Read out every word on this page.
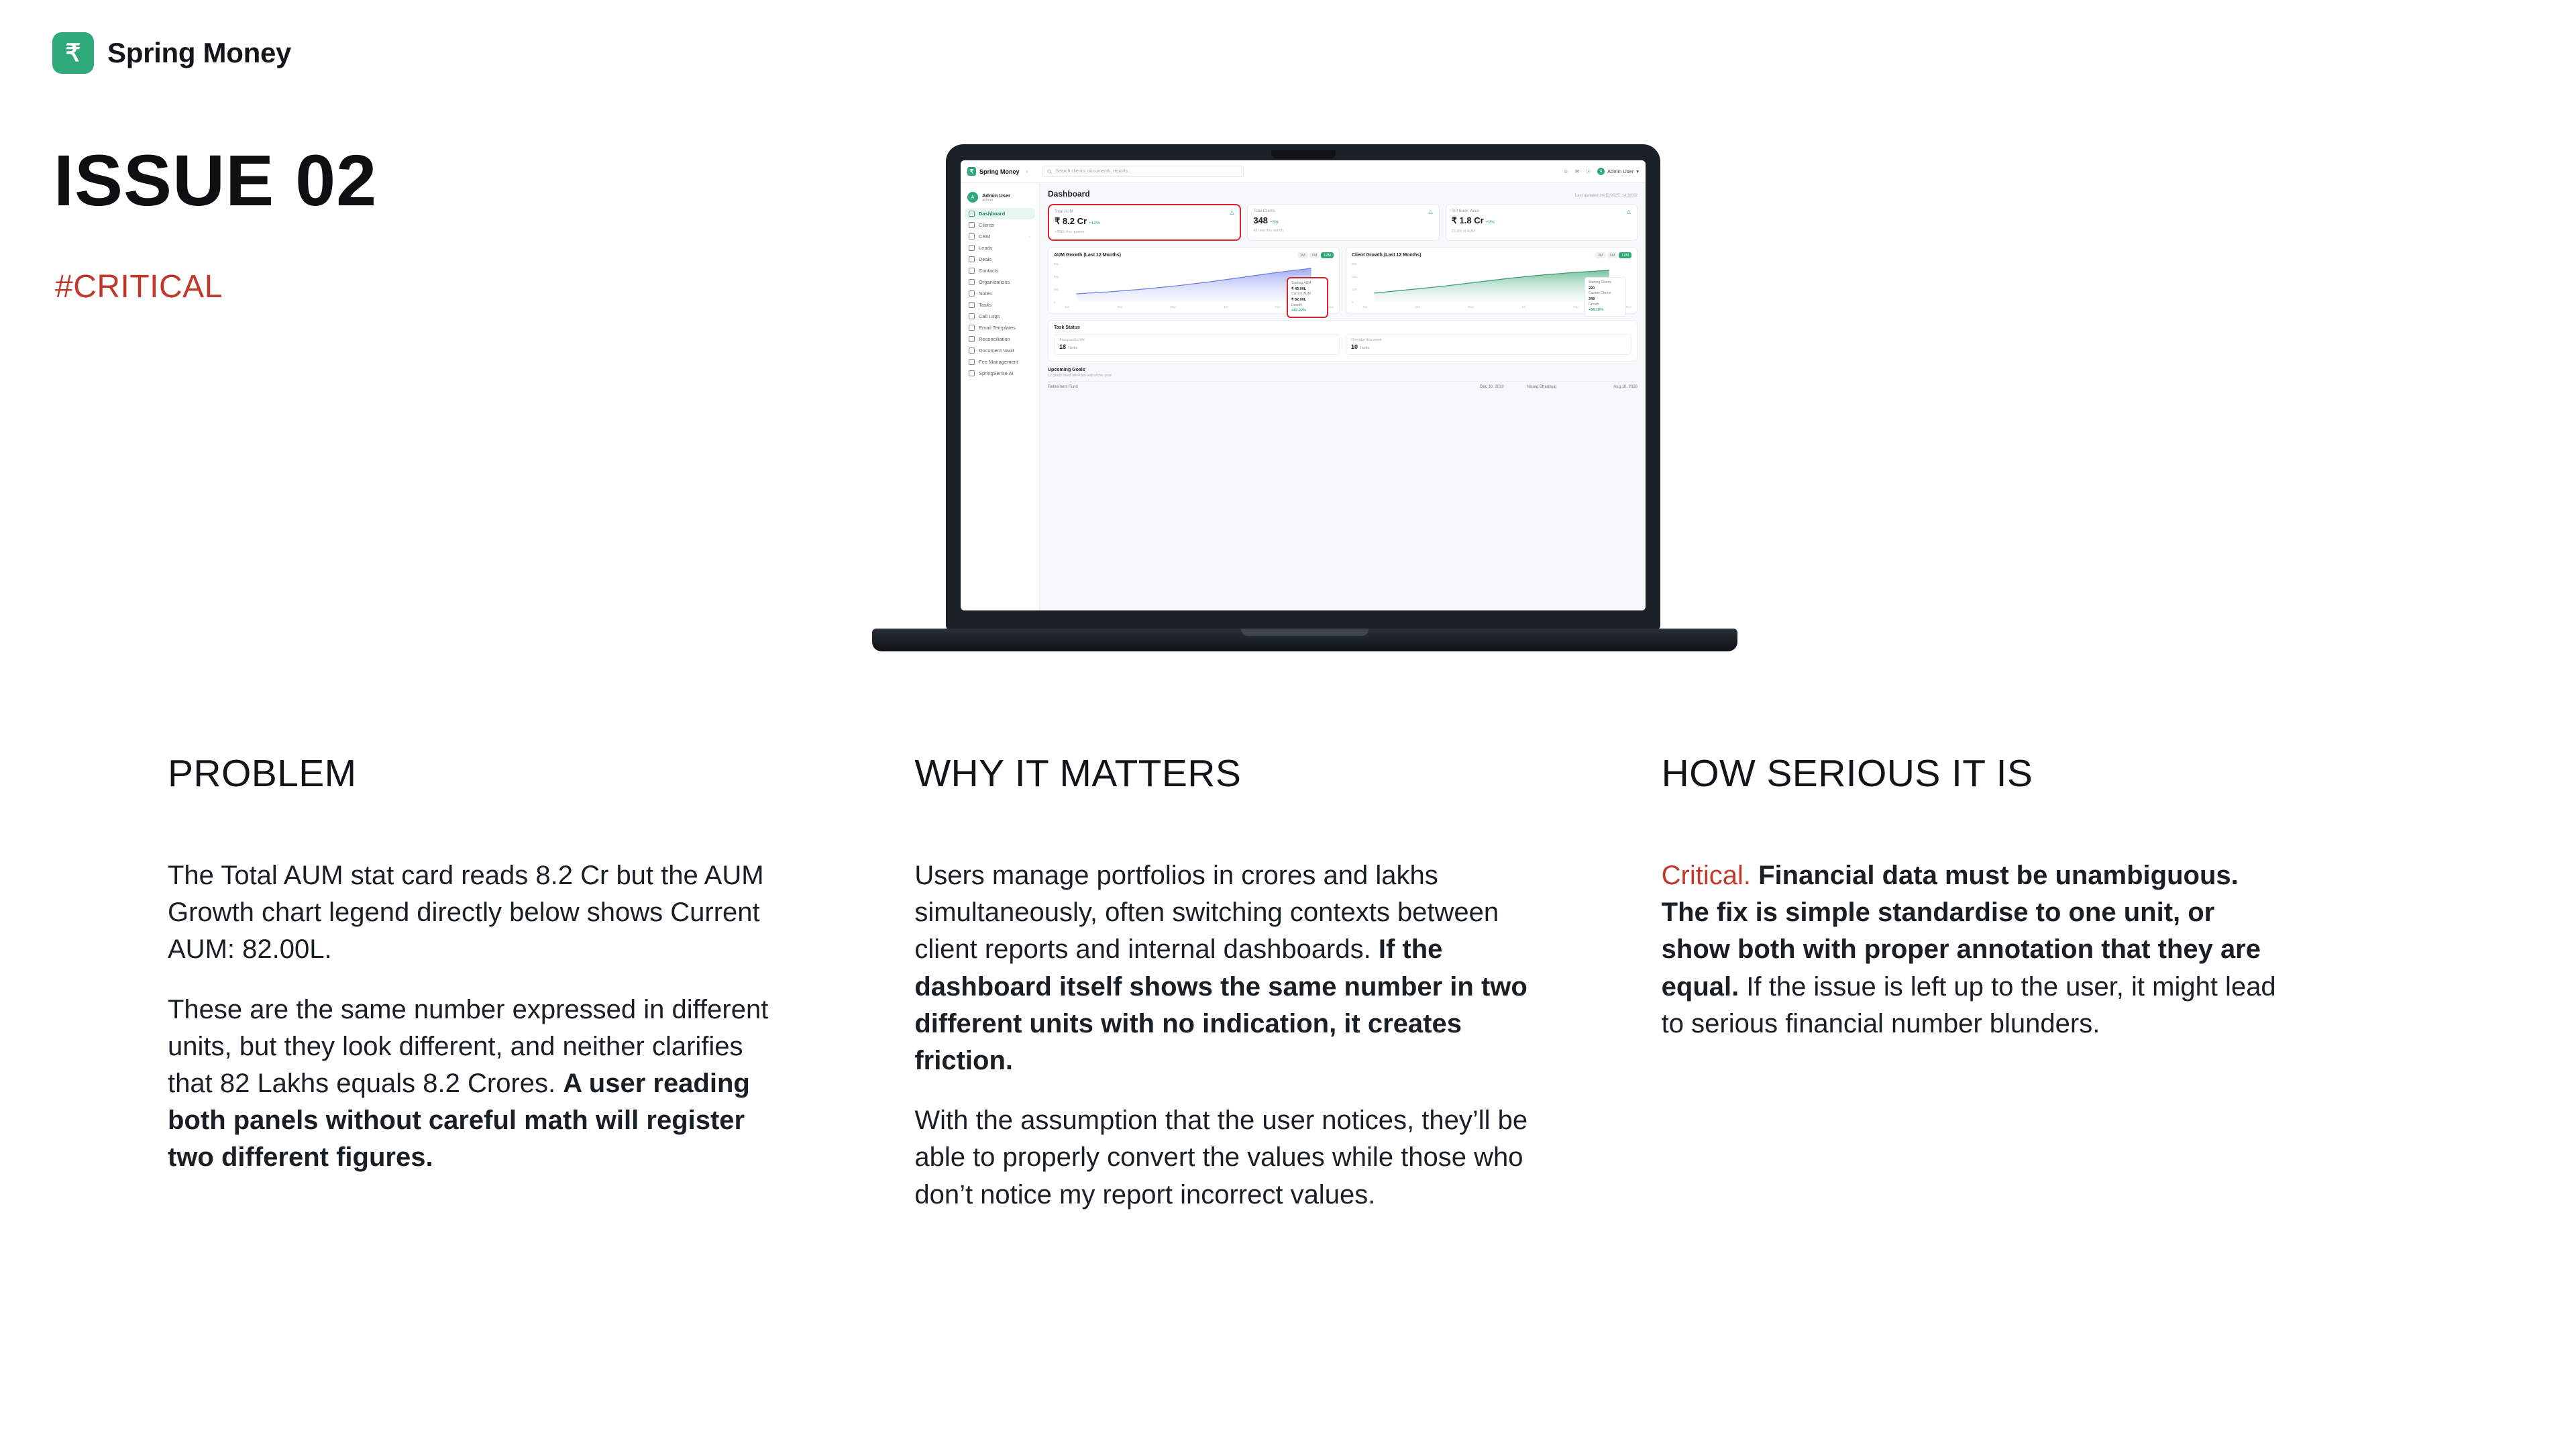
₹ Spring Money
ISSUE 02
#CRITICAL
₹ Spring Money ‹	Search clients, documents, reports...	☺ ✉ ☉	A	Admin User ▾
A	Admin User
admin
Dashboard
Clients
CRM	⌄
Leads
Deals
Contacts
Organizations
Notes
Tasks
Call Logs
Email Templates
Reconciliation
Document Vault
Fee Management
SpringSense AI
Dashboard	Last updated 24/12/2025, 14:38:02
Total AUM
₹ 8.2 Cr +12%
+₹58L this quarter
△	Total Clients
348 +5%
42 new this month
△	SIP Book Value
₹ 1.8 Cr +9%
21.9% of AUM
△
AUM Growth (Last 12 Months)	3M	6M	12M
90L
60L
30L
0
Starting AUM
₹ 45.00L
Current AUM
₹ 82.00L
Growth
+82.22%
Jan	Mar	May	Jul	Sep	Nov
Client Growth (Last 12 Months)	3M	6M	12M
350
230
120
0
Starting Clients
220
Current Clients
348
Growth
+58.18%
Jan	Mar	May	Jul	Sep	Nov
Task Status
Assigned to Me
18 Tasks
Overdue this week
10 Tasks
Upcoming Goals
12 goals need attention within this year
Retirement Fund	Dec 30, 2030	Nisarg Bhardwaj	Aug 10, 2026
PROBLEM

The Total AUM stat card reads 8.2 Cr but the AUM Growth chart legend directly below shows Current AUM: 82.00L.

These are the same number expressed in different units, but they look different, and neither clarifies that 82 Lakhs equals 8.2 Crores. A user reading both panels without careful math will register two different figures.

WHY IT MATTERS

Users manage portfolios in crores and lakhs simultaneously, often switching contexts between client reports and internal dashboards. If the dashboard itself shows the same number in two different units with no indication, it creates friction.

With the assumption that the user notices, they’ll be able to properly convert the values while those who don’t notice my report incorrect values.

HOW SERIOUS IT IS

Critical. Financial data must be unambiguous. The fix is simple standardise to one unit, or show both with proper annotation that they are equal. If the issue is left up to the user, it might lead to serious financial number blunders.
